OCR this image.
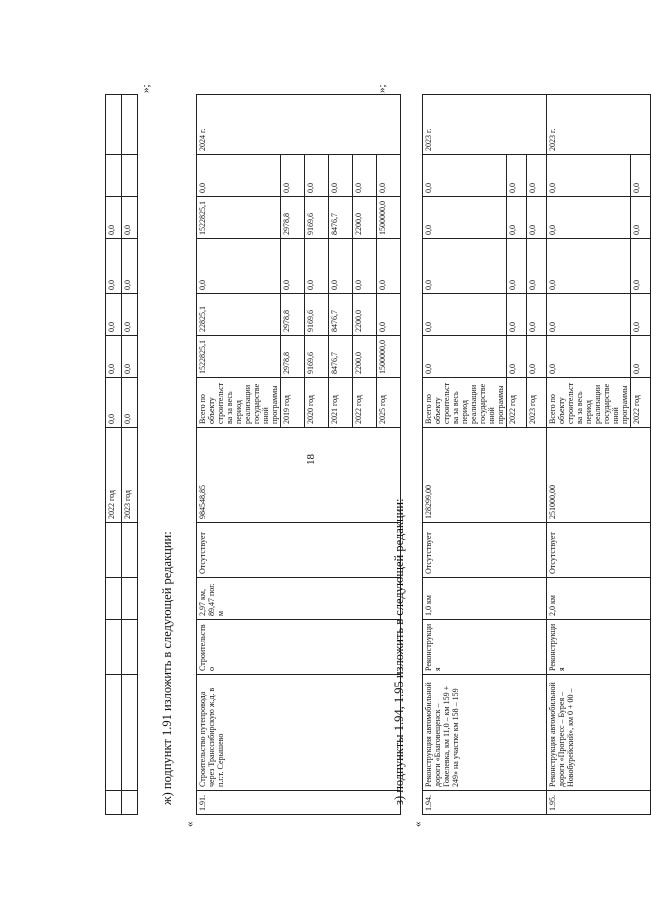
18
					2022 год	0,0	0,0	0,0	0,0	0,0		
					2023 год	0,0	0,0	0,0	0,0	0,0		
»;
ж) подпункт 1.91 изложить в следующей редакции:
«
1.91.	Строительство путепровода через Транссибирскую ж.д. в п.г.т. Серышево	Строительство	2,97 км, 89,47 пог. м	Отсутствует	984548,85	Всего по объекту строительства за весь период реализации государственной программы	1522825,1	22825,1	0,0	1522825,1	0,0	2024 г.
						2019 год	2978,8	2978,8	0,0	2978,8	0,0	
						2020 год	9169,6	9169,6	0,0	9169,6	0,0	
						2021 год	8476,7	8476,7	0,0	8476,7	0,0	
						2022 год	2200,0	2200,0	0,0	2200,0	0,0	
						2025 год	1500000,0	0,0	0,0	1500000,0	0,0	
»;
з) подпункты 1.94, 1.95 изложить в следующей редакции:
«
1.94.	Реконструкция автомобильной дороги «Благовещенск – Гомелевка, км 11,0 – км 159 + 249» на участке км 158 – 159	Реконструкция	1,0 км	Отсутствует	128299,00	Всего по объекту строительства за весь период реализации государственной программы	0,0	0,0	0,0	0,0	0,0	2023 г.
						2022 год	0,0	0,0	0,0	0,0	0,0	
						2023 год	0,0	0,0	0,0	0,0	0,0	
1.95.	Реконструкция автомобильной дороги «Прогресс – Бурея – Новобурейский», км 0 + 00 –	Реконструкция	2,0 км	Отсутствует	251000,00	Всего по объекту строительства за весь период реализации государственной программы	0,0	0,0	0,0	0,0	0,0	2023 г.
						2022 год	0,0	0,0	0,0	0,0	0,0	
